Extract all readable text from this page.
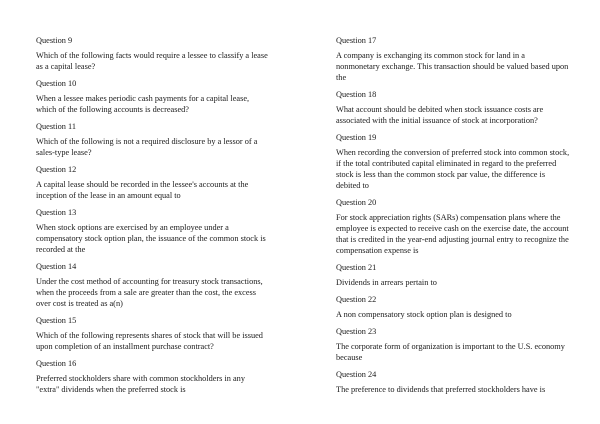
Question 9

Which of the following facts would require a lessee to classify a lease
as a capital lease?

Question 10

When a lessee makes periodic cash payments for a capital lease,
which of the following accounts is decreased?

Question 11

Which of the following is not a required disclosure by a lessor of a
sales-type lease?

Question 12

A capital lease should be recorded in the lessee's accounts at the
inception of the lease in an amount equal to

Question 13

When stock options are exercised by an employee under a
compensatory stock option plan, the issuance of the common stock is
recorded at the

Question 14

Under the cost method of accounting for treasury stock transactions,
when the proceeds from a sale are greater than the cost, the excess
over cost is treated as a(n)

Question 15

Which of the following represents shares of stock that will be issued
upon completion of an installment purchase contract?

Question 16

Preferred stockholders share with common stockholders in any
"extra" dividends when the preferred stock is

Question 17

A company is exchanging its common stock for land in a
nonmonetary exchange. This transaction should be valued based upon
the

Question 18

What account should be debited when stock issuance costs are
associated with the initial issuance of stock at incorporation?

Question 19

When recording the conversion of preferred stock into common stock,
if the total contributed capital eliminated in regard to the preferred
stock is less than the common stock par value, the difference is
debited to

Question 20

For stock appreciation rights (SARs) compensation plans where the
employee is expected to receive cash on the exercise date, the account
that is credited in the year-end adjusting journal entry to recognize the
compensation expense is

Question 21

Dividends in arrears pertain to

Question 22

A non compensatory stock option plan is designed to

Question 23

The corporate form of organization is important to the U.S. economy
because

Question 24

The preference to dividends that preferred stockholders have is
